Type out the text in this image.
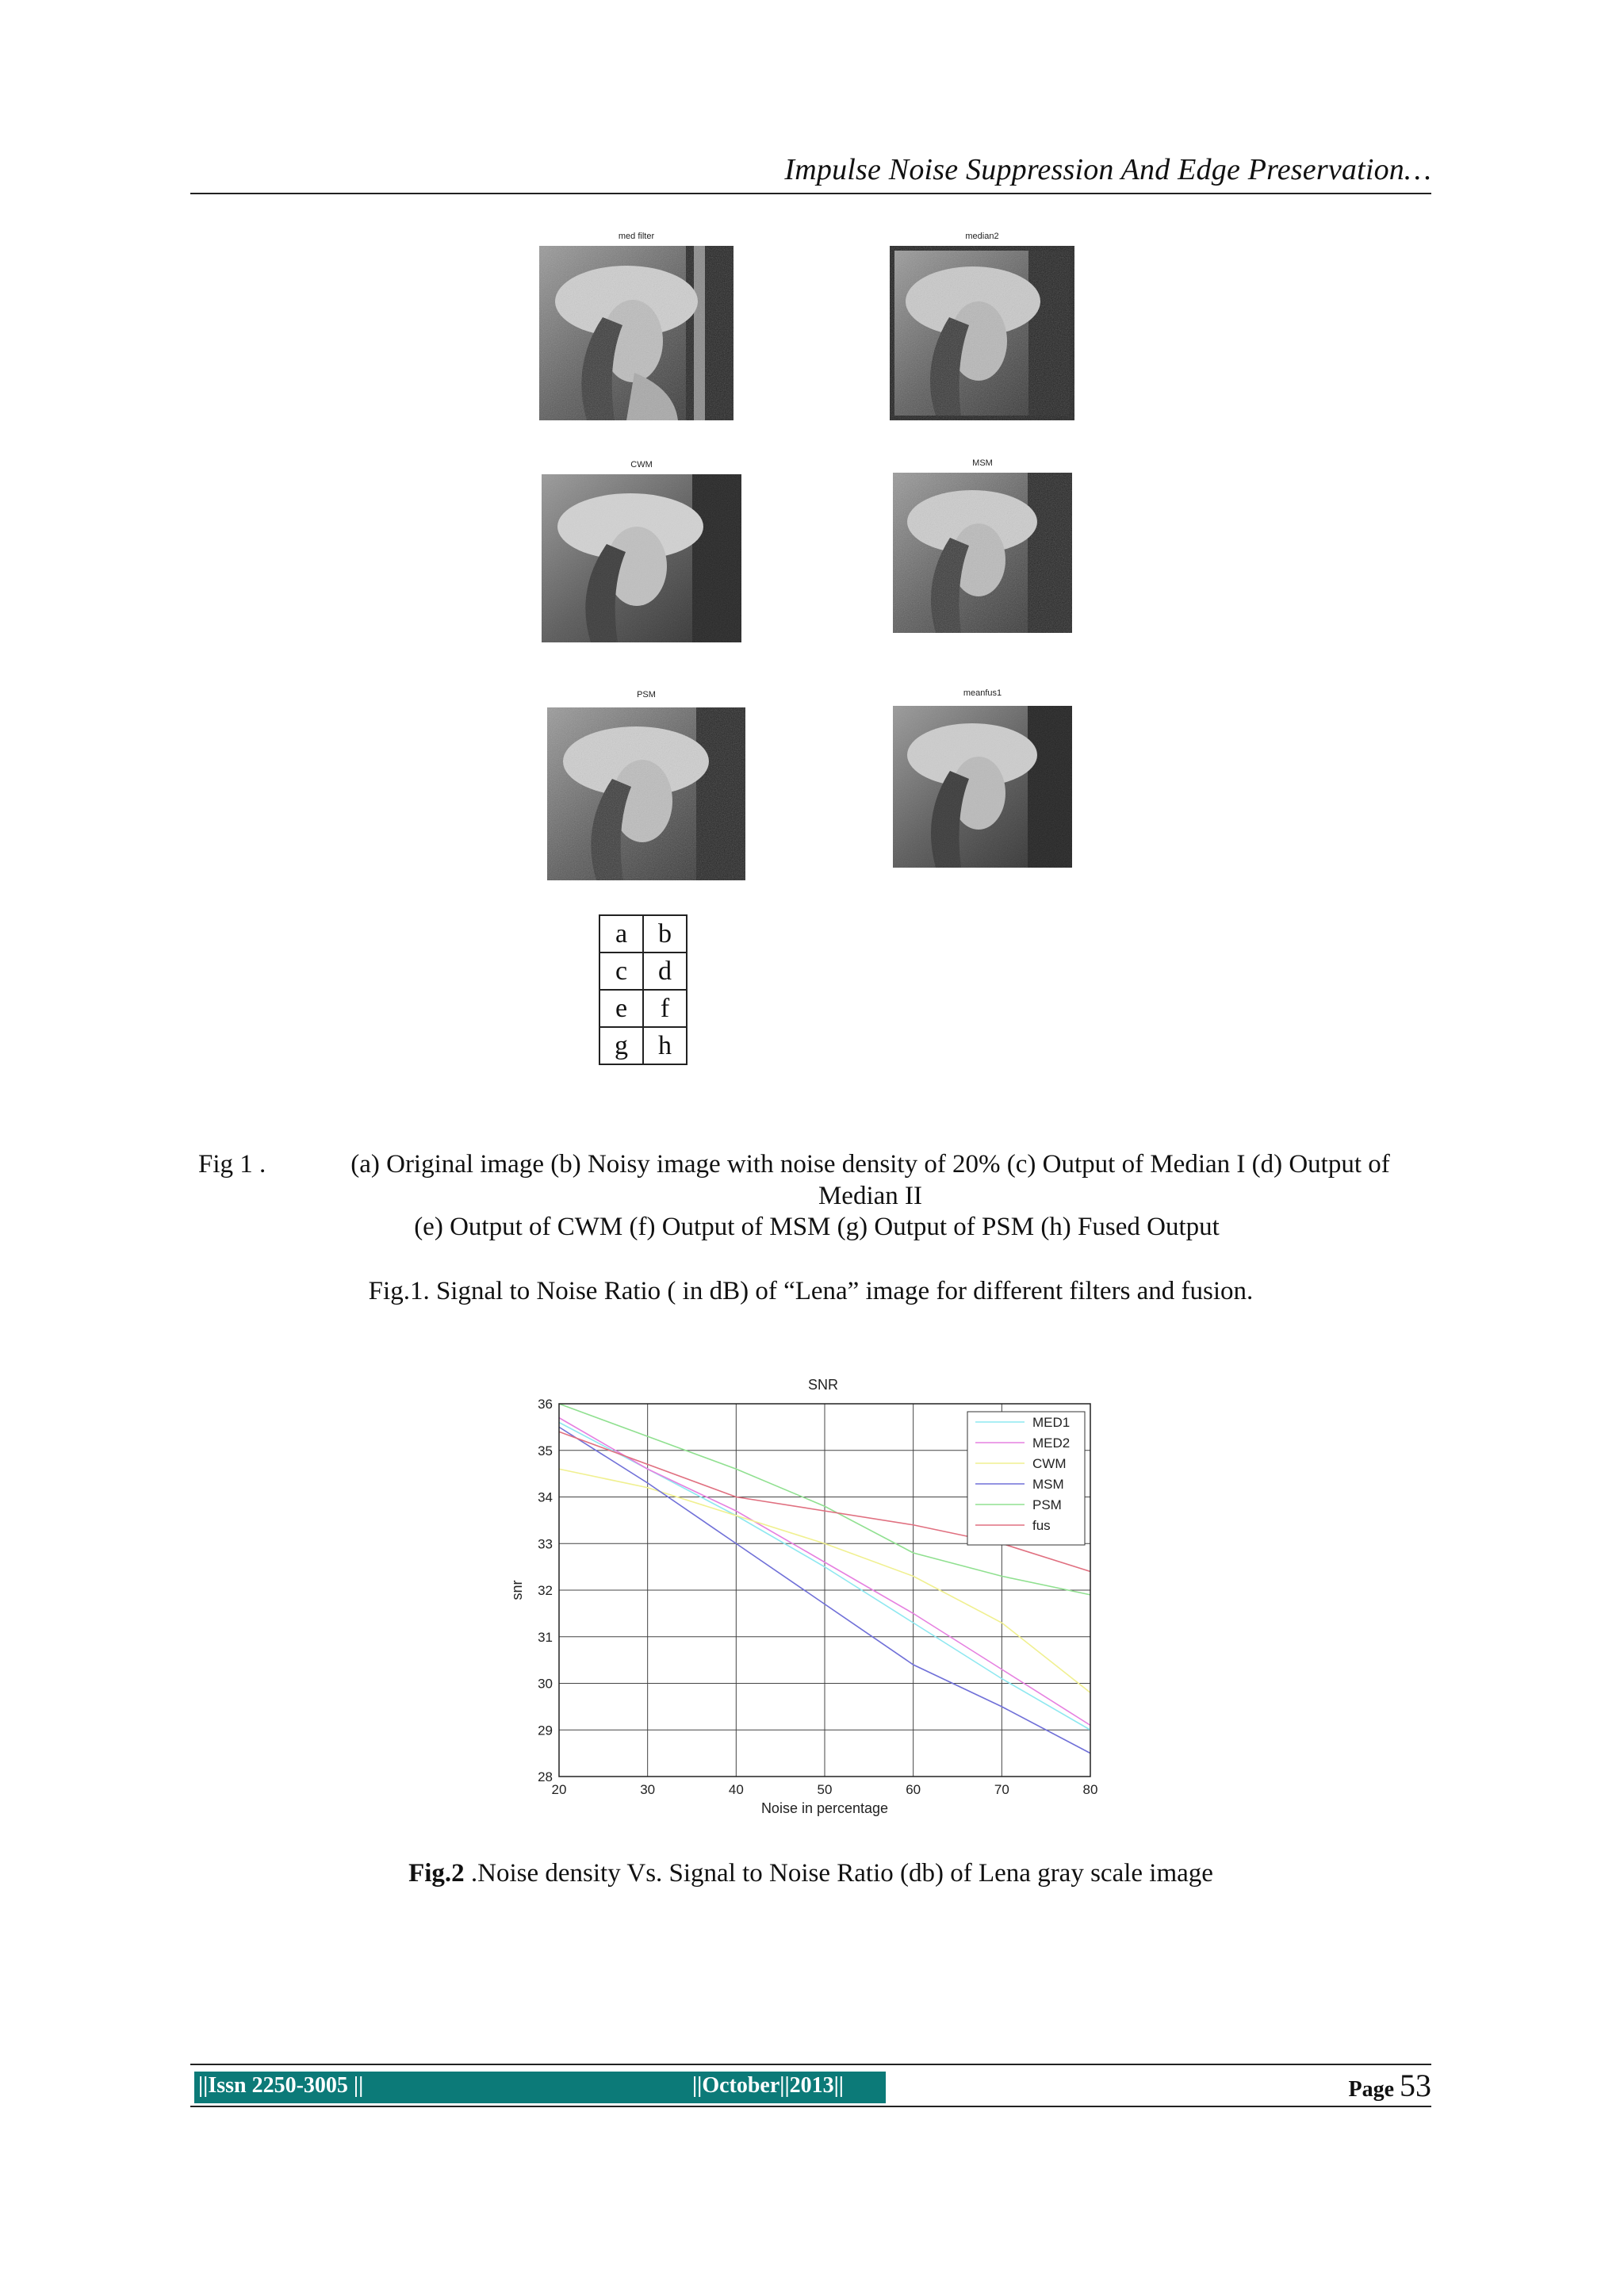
Impulse Noise Suppression And Edge Preservation…
med filter	median2
CWM	MSM
PSM	meanfus1
a	b
c	d
e	f
g	h
Fig 1 .	(a) Original image (b) Noisy image with noise density of 20% (c) Output of Median I (d) Output of Median II
(e) Output of CWM (f) Output of MSM (g) Output of PSM (h) Fused Output
Fig.1. Signal to Noise Ratio ( in dB) of “Lena” image for different filters and fusion.
SNR
20	30	40	50	60	70	80
28
29
30
31
32
33
34
35
36
MED1
MED2
CWM
MSM
PSM
fus
Noise in percentage
snr
Fig.2 .Noise density Vs. Signal to Noise Ratio (db) of Lena gray scale image
||Issn 2250-3005 ||	||October||2013||	Page 53
